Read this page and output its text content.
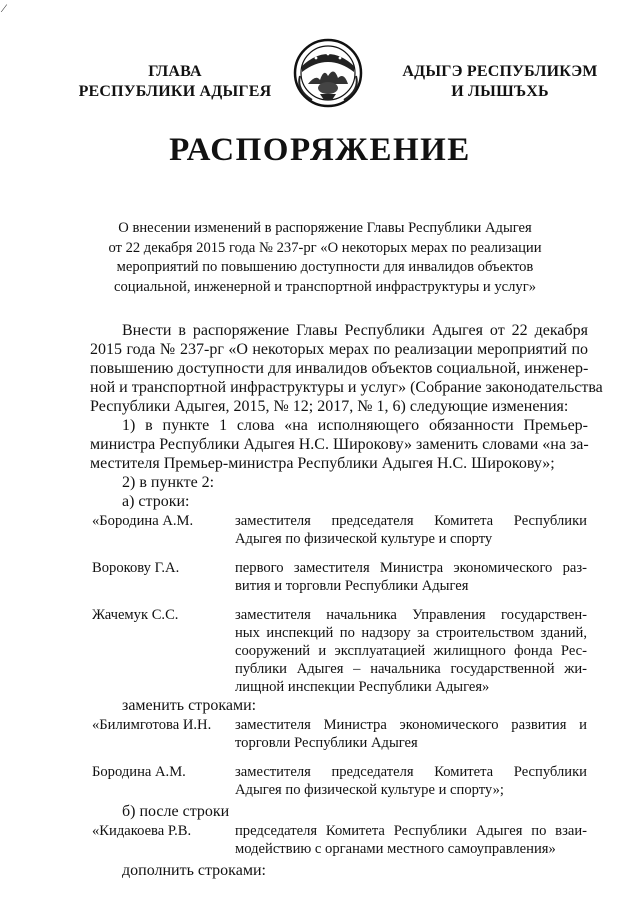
⁄
ГЛАВА
РЕСПУБЛИКИ АДЫГЕЯ
АДЫГЭ РЕСПУБЛИКЭМ
И ЛЫШЪХЬ
РАСПОРЯЖЕНИЕ
О внесении изменений в распоряжение Главы Республики Адыгея
от 22 декабря 2015 года № 237-рг «О некоторых мерах по реализации
мероприятий по повышению доступности для инвалидов объектов
социальной, инженерной и транспортной инфраструктуры и услуг»
Внести в распоряжение Главы Республики Адыгея от 22 декабря
2015 года № 237-рг «О некоторых мерах по реализации мероприятий по
повышению доступности для инвалидов объектов социальной, инженер-
ной и транспортной инфраструктуры и услуг» (Собрание законодательства
Республики Адыгея, 2015, № 12; 2017, № 1, 6) следующие изменения:
1) в пункте 1 слова «на исполняющего обязанности Премьер-
министра Республики Адыгея Н.С. Широкову» заменить словами «на за-
местителя Премьер-министра Республики Адыгея Н.С. Широкову»;
2) в пункте 2:
а) строки:
«Бородина А.М.	заместителя председателя Комитета Республики
Адыгея по физической культуре и спорту
Ворокову Г.А.	первого заместителя Министра экономического раз-
вития и торговли Республики Адыгея
Жачемук С.С.	заместителя начальника Управления государствен-
ных инспекций по надзору за строительством зданий,
сооружений и эксплуатацией жилищного фонда Рес-
публики Адыгея – начальника государственной жи-
лищной инспекции Республики Адыгея»
заменить строками:
«Билимготова И.Н. заместителя Министра экономического развития и
торговли Республики Адыгея
Бородина А.М.	заместителя председателя Комитета Республики
Адыгея по физической культуре и спорту»;
б) после строки
«Кидакоева Р.В.	председателя Комитета Республики Адыгея по взаи-
модействию с органами местного самоуправления»
дополнить строками:
